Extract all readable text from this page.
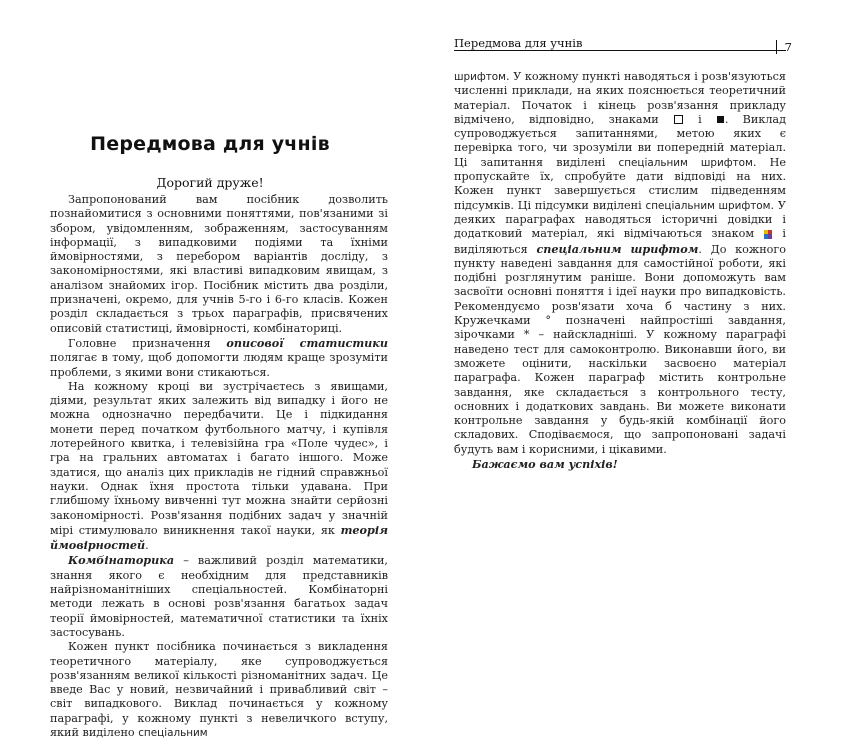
Передмова для учнів
Дорогий друже!

Запропонований вам посібник дозволить познайомитися з основними поняттями, пов'язаними зі збором, увідомленням, зображенням, застосуванням інформації, з випадковими подіями та їхніми ймовірностями, з перебором варіантів досліду, з закономірностями, які властиві випадковим явищам, з аналізом знайомих ігор. Посібник містить два розділи, призначені, окремо, для учнів 5-го і 6-го класів. Кожен розділ складається з трьох параграфів, присвячених описовій статистиці, ймовірності, комбінаториці.

Головне призначення описової статистики полягає в тому, щоб допомогти людям краще зрозуміти проблеми, з якими вони стикаються.

На кожному кроці ви зустрічаєтесь з явищами, діями, результат яких залежить від випадку і його не можна однозначно передбачити. Це і підкидання монети перед початком футбольного матчу, і купівля лотерейного квитка, і телевізійна гра «Поле чудес», і гра на гральних автоматах і багато іншого. Може здатися, що аналіз цих прикладів не гідний справжньої науки. Однак їхня простота тільки удавана. При глибшому їхньому вивченні тут можна знайти серйозні закономірності. Розв'язання подібних задач у значній мірі стимулювало виникнення такої науки, як теорія ймовірностей.

Комбінаторика – важливий розділ математики, знання якого є необхідним для представників найрізноманітніших спеціальностей. Комбінаторні методи лежать в основі розв'язання багатьох задач теорії ймовірностей, математичної статистики та їхніх застосувань.

Кожен пункт посібника починається з викладення теоретичного матеріалу, яке супроводжується розв'язанням великої кількості різноманітних задач. Це введе Вас у новий, незвичайний і привабливий світ – світ випадкового. Виклад починається у кожному параграфі, у кожному пункті з невеличкого вступу, який виділено спеціальним

Передмова для учнів	7

шрифтом. У кожному пункті наводяться і розв'язуються численні приклади, на яких пояснюється теоретичний матеріал. Початок і кінець розв'язання прикладу відмічено, відповідно, знаками  і . Виклад супроводжується запитаннями, метою яких є перевірка того, чи зрозуміли ви попередній матеріал. Ці запитання виділені спеціальним шрифтом. Не пропускайте їх, спробуйте дати відповіді на них. Кожен пункт завершується стислим підведенням підсумків. Ці підсумки виділені спеціальним шрифтом. У деяких параграфах наводяться історичні довідки і додатковий матеріал, які відмічаються знаком  і виділяються спеціальним шрифтом. До кожного пункту наведені завдання для самостійної роботи, які подібні розглянутим раніше. Вони допоможуть вам засвоїти основні поняття і ідеї науки про випадковість. Рекомендуємо розв'язати хоча б частину з них. Кружечками ° позначені найпростіші завдання, зірочками * – найскладніші. У кожному параграфі наведено тест для самоконтролю. Виконавши його, ви зможете оцінити, наскільки засвоєно матеріал параграфа. Кожен параграф містить контрольне завдання, яке складається з контрольного тесту, основних і додаткових завдань. Ви можете виконати контрольне завдання у будь-якій комбінації його складових. Сподіваємося, що запропоновані задачі будуть вам і корисними, і цікавими.

Бажаємо вам успіхів!
